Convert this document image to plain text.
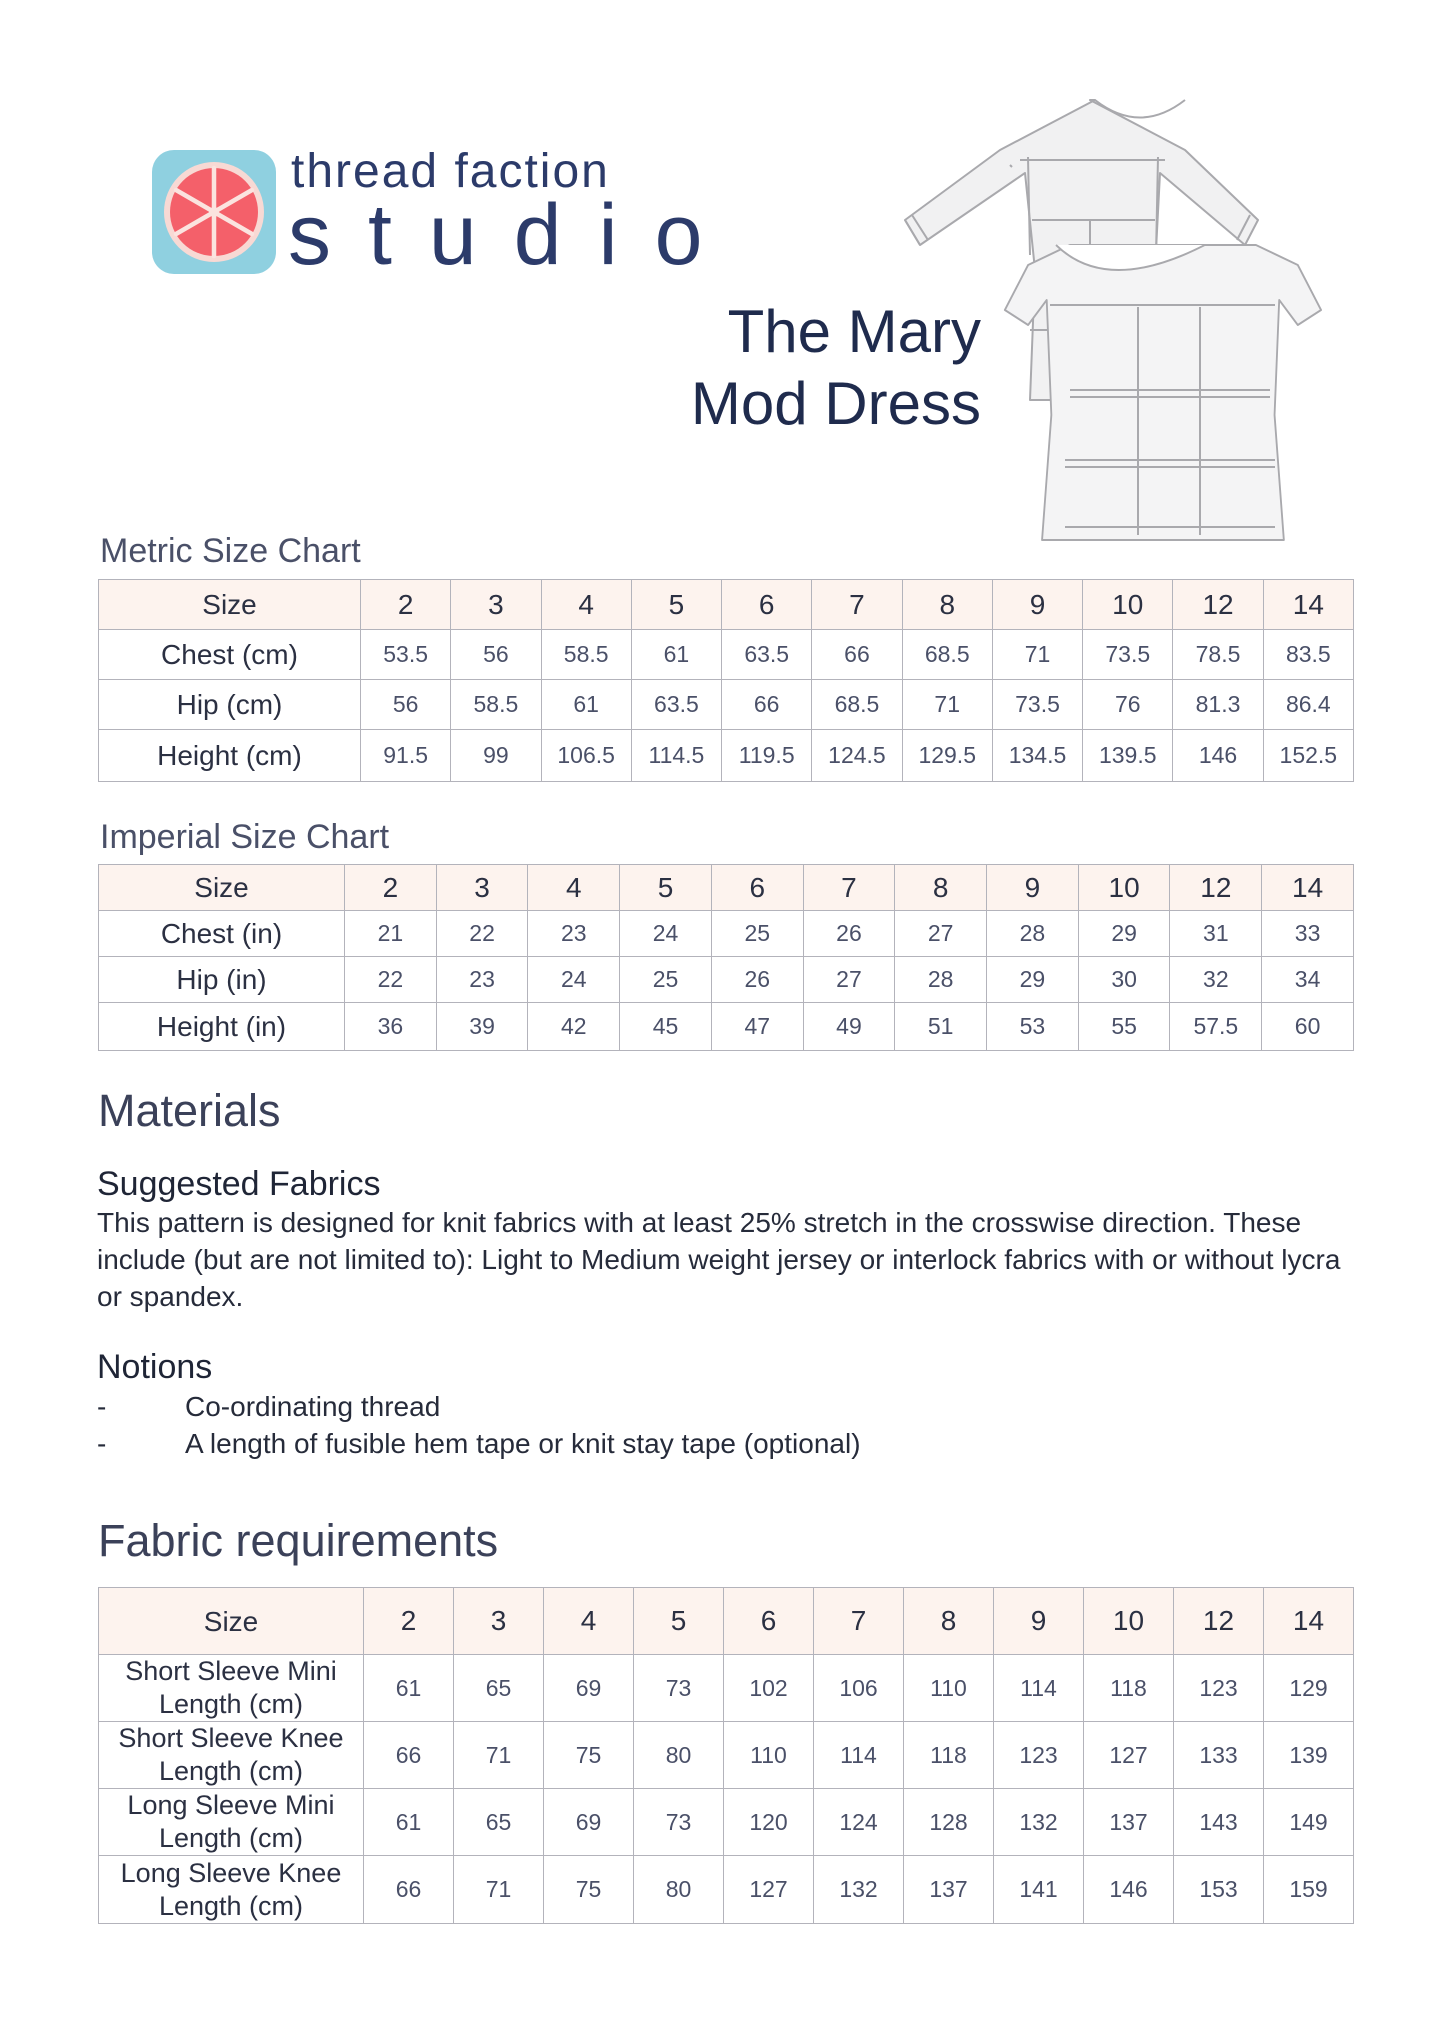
thread faction
studio
The Mary
Mod Dress
Metric Size Chart
Size	2	3	4	5	6	7	8	9	10	12	14
Chest (cm)	53.5	56	58.5	61	63.5	66	68.5	71	73.5	78.5	83.5
Hip (cm)	56	58.5	61	63.5	66	68.5	71	73.5	76	81.3	86.4
Height (cm)	91.5	99	106.5	114.5	119.5	124.5	129.5	134.5	139.5	146	152.5
Imperial Size Chart
Size	2	3	4	5	6	7	8	9	10	12	14
Chest (in)	21	22	23	24	25	26	27	28	29	31	33
Hip (in)	22	23	24	25	26	27	28	29	30	32	34
Height (in)	36	39	42	45	47	49	51	53	55	57.5	60
Materials
Suggested Fabrics
This pattern is designed for knit fabrics with at least 25% stretch in the crosswise direction. These include (but are not limited to): Light to Medium weight jersey or interlock fabrics with or without lycra or spandex.
Notions
-	Co-ordinating thread
-	A length of fusible hem tape or knit stay tape (optional)
Fabric requirements
Size	2	3	4	5	6	7	8	9	10	12	14
Short Sleeve Mini
Length (cm)	61	65	69	73	102	106	110	114	118	123	129
Short Sleeve Knee
Length (cm)	66	71	75	80	110	114	118	123	127	133	139
Long Sleeve Mini
Length (cm)	61	65	69	73	120	124	128	132	137	143	149
Long Sleeve Knee
Length (cm)	66	71	75	80	127	132	137	141	146	153	159
